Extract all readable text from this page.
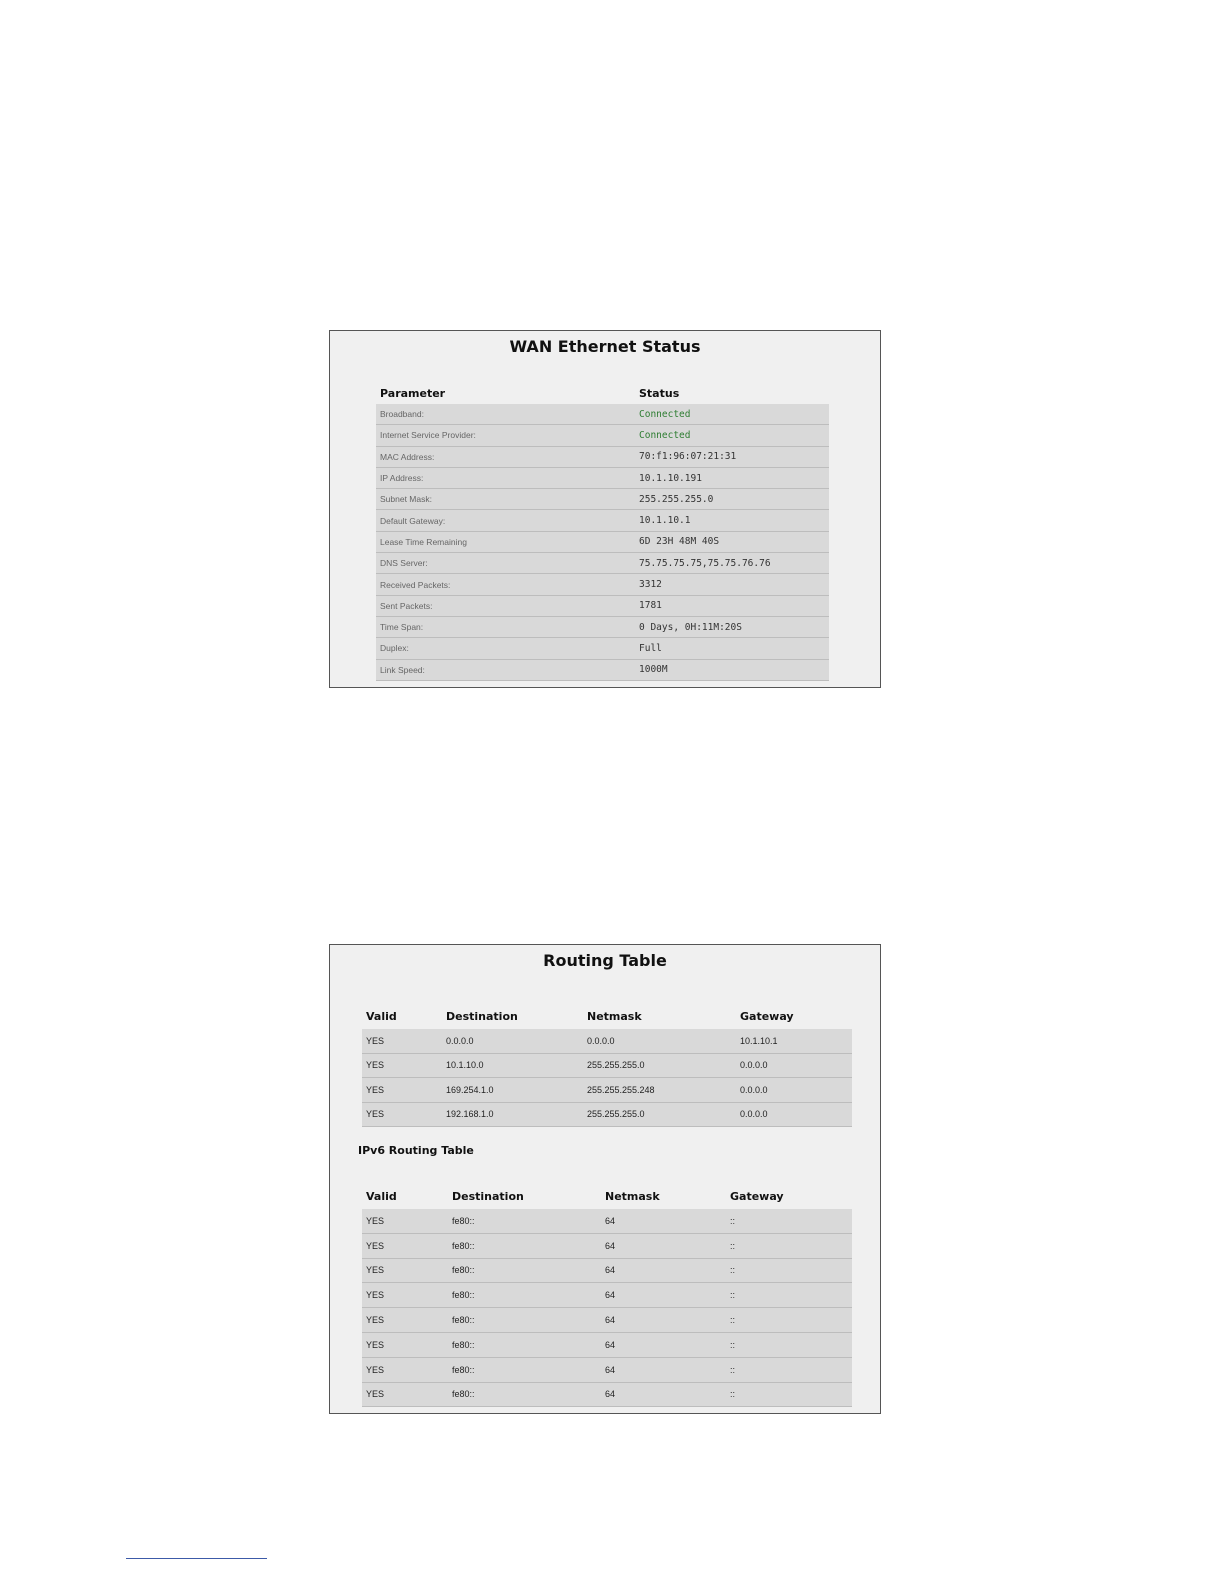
WAN Ethernet Status
Parameter	Status
Broadband:	Connected
Internet Service Provider:	Connected
MAC Address:	70:f1:96:07:21:31
IP Address:	10.1.10.191
Subnet Mask:	255.255.255.0
Default Gateway:	10.1.10.1
Lease Time Remaining	6D 23H 48M 40S
DNS Server:	75.75.75.75,75.75.76.76
Received Packets:	3312
Sent Packets:	1781
Time Span:	0 Days, 0H:11M:20S
Duplex:	Full
Link Speed:	1000M
Routing Table
Valid	Destination	Netmask	Gateway
YES	0.0.0.0	0.0.0.0	10.1.10.1
YES	10.1.10.0	255.255.255.0	0.0.0.0
YES	169.254.1.0	255.255.255.248	0.0.0.0
YES	192.168.1.0	255.255.255.0	0.0.0.0
IPv6 Routing Table
Valid	Destination	Netmask	Gateway
YES	fe80::	64	::
YES	fe80::	64	::
YES	fe80::	64	::
YES	fe80::	64	::
YES	fe80::	64	::
YES	fe80::	64	::
YES	fe80::	64	::
YES	fe80::	64	::
